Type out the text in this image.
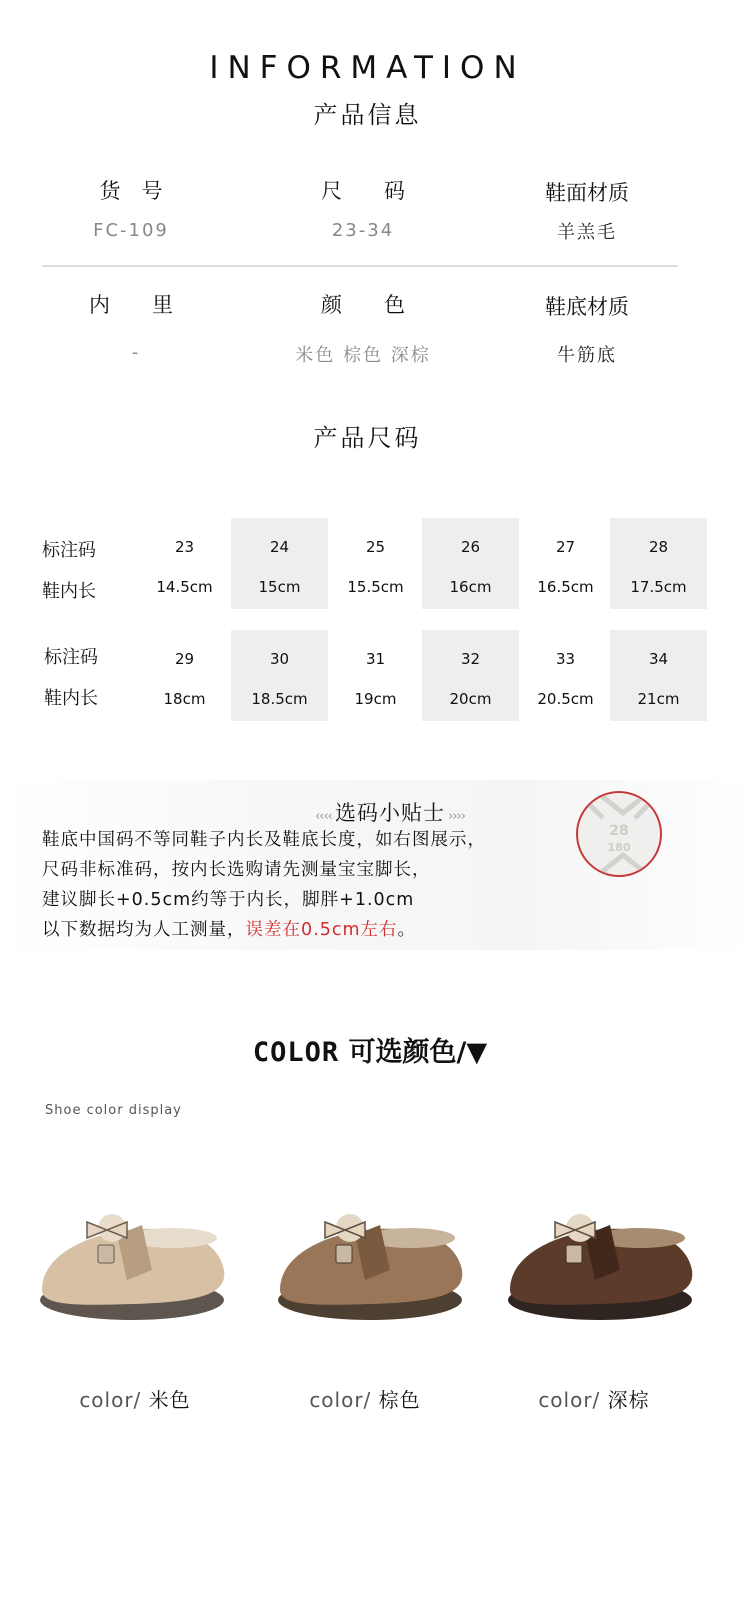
INFORMATION
产品信息
货　号
FC-109
尺　　码
23-34
鞋面材质
羊羔毛
内　　里
-
颜　　色
米色 棕色 深棕
鞋底材质
牛筋底
产品尺码
标注码
鞋内长
标注码
鞋内长
23
14.5cm
24
15cm
25
15.5cm
26
16cm
27
16.5cm
28
17.5cm
29
18cm
30
18.5cm
31
19cm
32
20cm
33
20.5cm
34
21cm
‹‹‹‹ 选码小贴士 ››››
鞋底中国码不等同鞋子内长及鞋底长度，如右图展示，
尺码非标准码，按内长选购请先测量宝宝脚长，
建议脚长+0.5cm约等于内长，脚胖+1.0cm
以下数据均为人工测量，误差在0.5cm左右。
28
180
COLOR 可选颜色/▼
Shoe color display
color/ 米色	color/ 棕色	color/ 深棕
